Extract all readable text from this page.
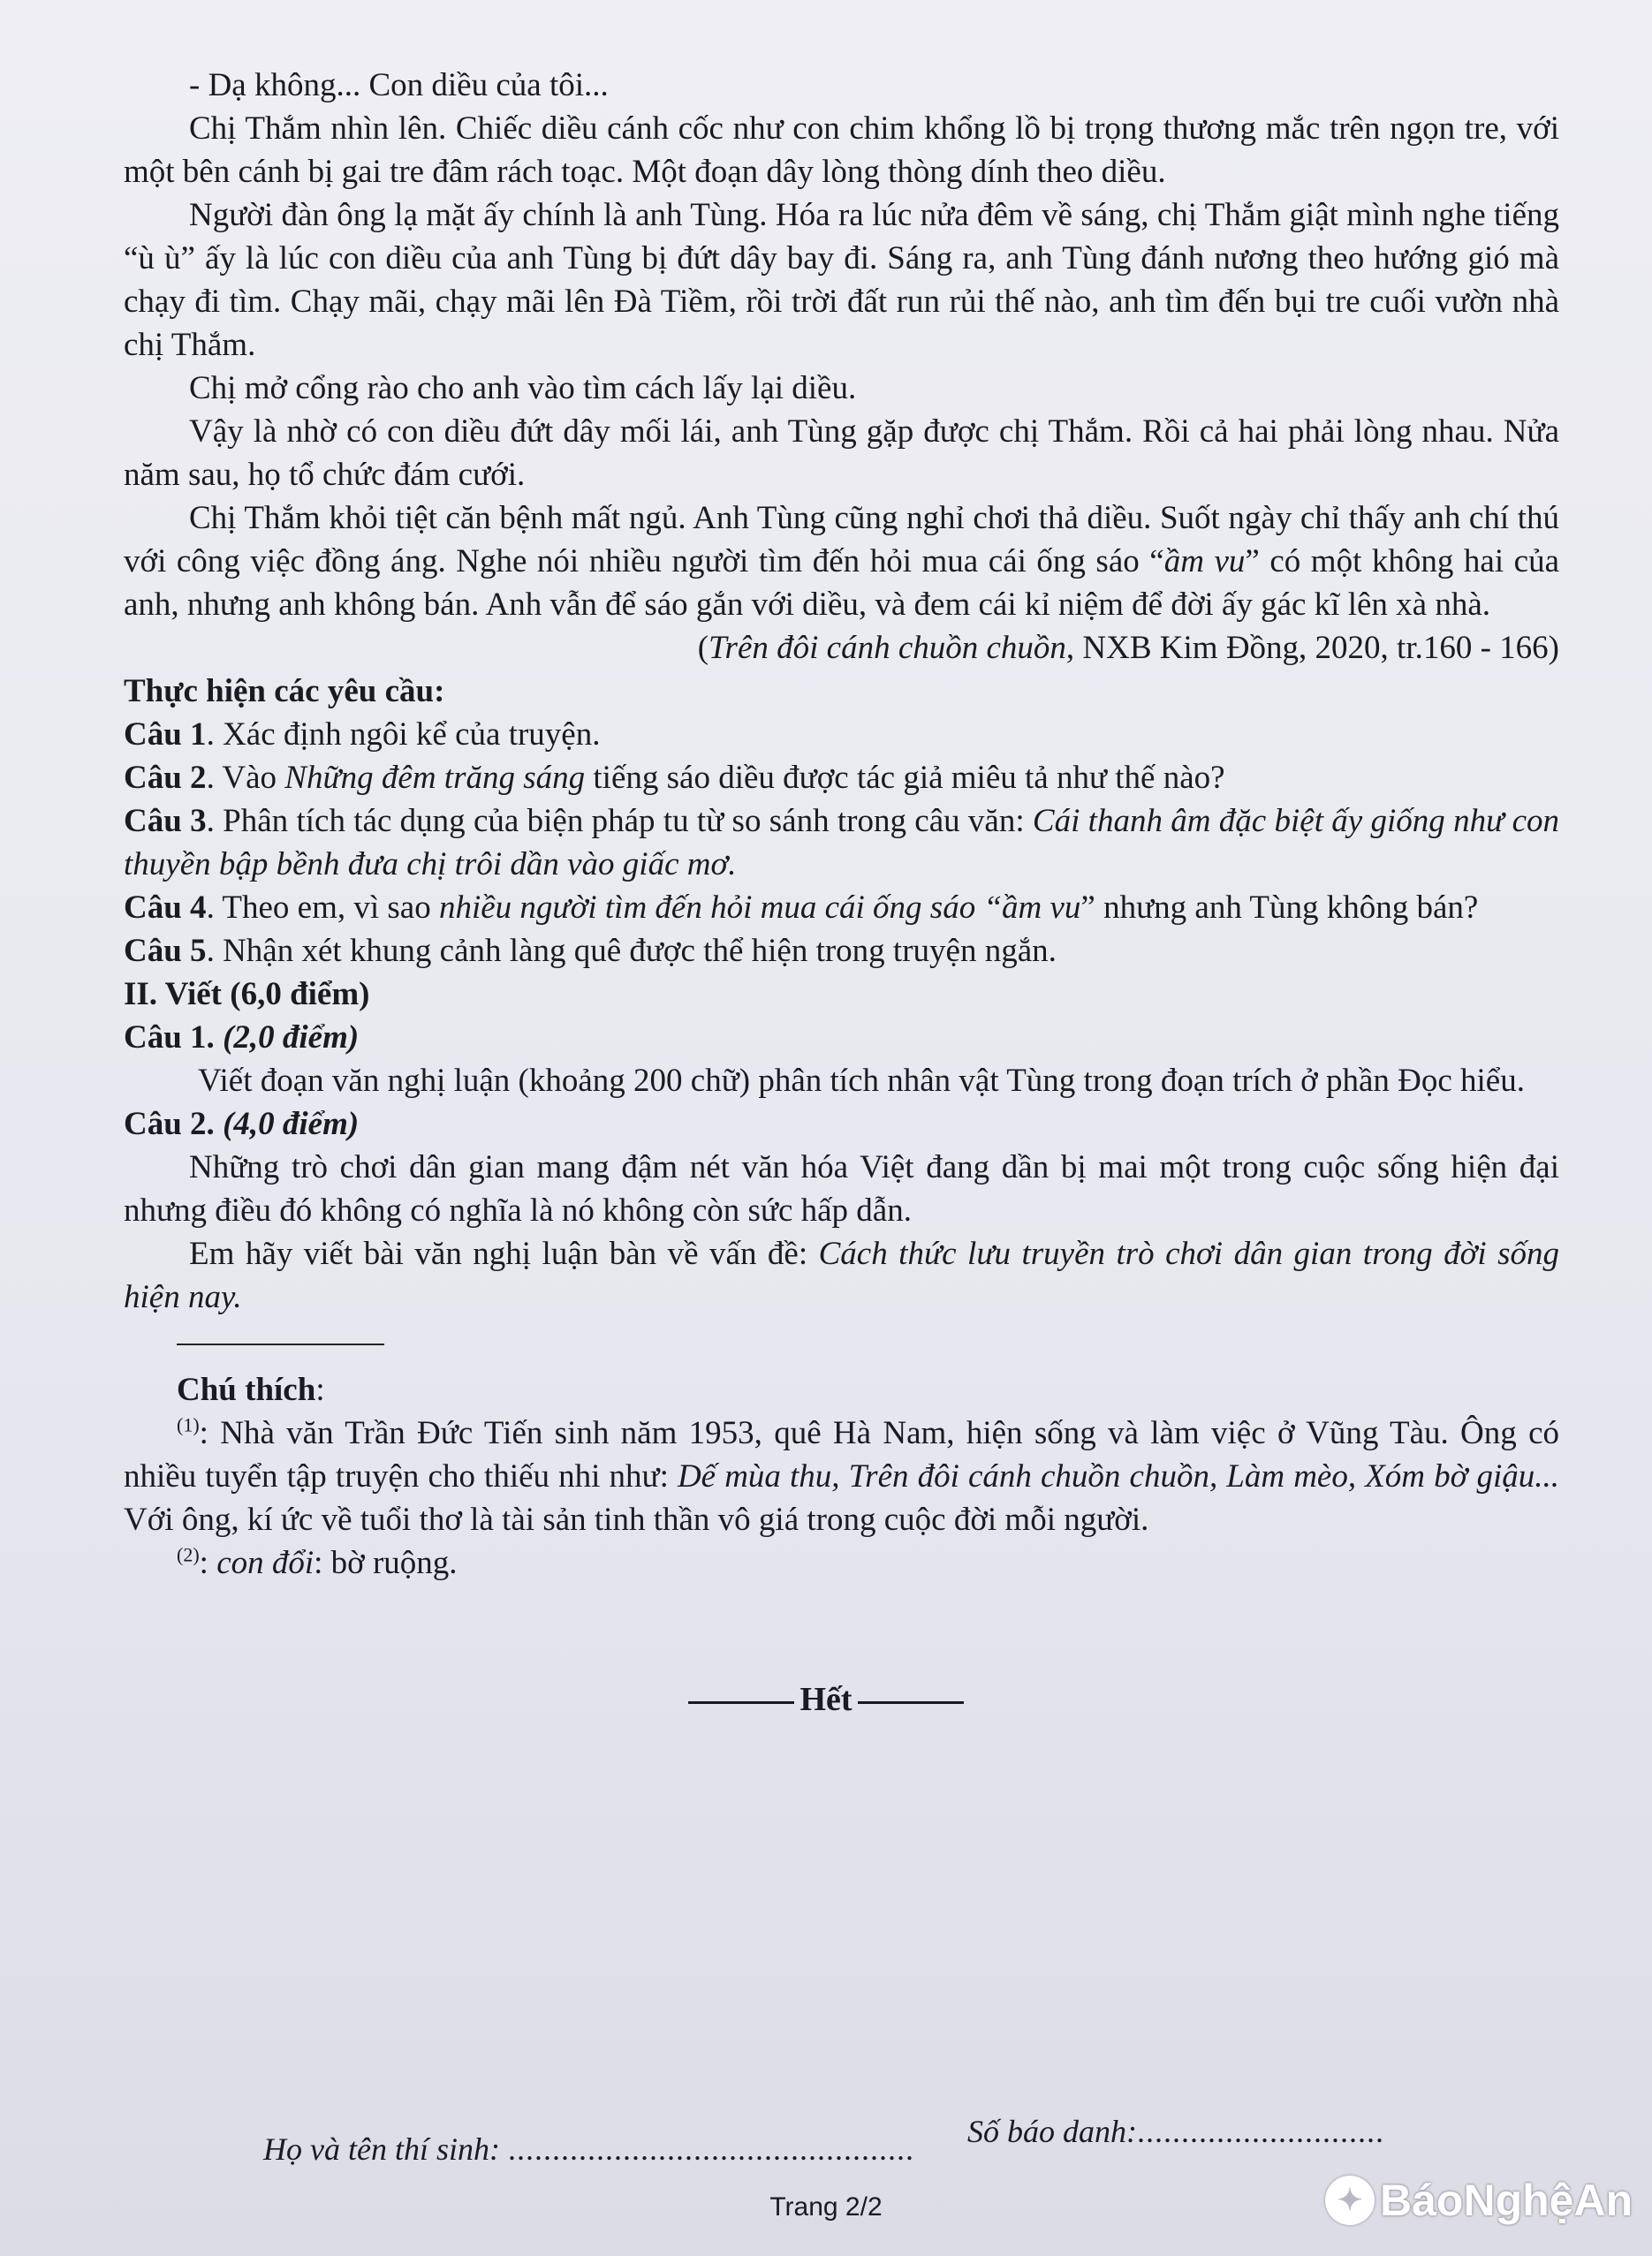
- Dạ không... Con diều của tôi...

Chị Thắm nhìn lên. Chiếc diều cánh cốc như con chim khổng lồ bị trọng thương mắc trên ngọn tre, với một bên cánh bị gai tre đâm rách toạc. Một đoạn dây lòng thòng dính theo diều.

Người đàn ông lạ mặt ấy chính là anh Tùng. Hóa ra lúc nửa đêm về sáng, chị Thắm giật mình nghe tiếng “ù ù” ấy là lúc con diều của anh Tùng bị đứt dây bay đi. Sáng ra, anh Tùng đánh nương theo hướng gió mà chạy đi tìm. Chạy mãi, chạy mãi lên Đà Tiềm, rồi trời đất run rủi thế nào, anh tìm đến bụi tre cuối vườn nhà chị Thắm.

Chị mở cổng rào cho anh vào tìm cách lấy lại diều.

Vậy là nhờ có con diều đứt dây mối lái, anh Tùng gặp được chị Thắm. Rồi cả hai phải lòng nhau. Nửa năm sau, họ tổ chức đám cưới.

Chị Thắm khỏi tiệt căn bệnh mất ngủ. Anh Tùng cũng nghỉ chơi thả diều. Suốt ngày chỉ thấy anh chí thú với công việc đồng áng. Nghe nói nhiều người tìm đến hỏi mua cái ống sáo “ầm vu” có một không hai của anh, nhưng anh không bán. Anh vẫn để sáo gắn với diều, và đem cái kỉ niệm để đời ấy gác kĩ lên xà nhà.

(Trên đôi cánh chuồn chuồn, NXB Kim Đồng, 2020, tr.160 - 166)

Thực hiện các yêu cầu:

Câu 1. Xác định ngôi kể của truyện.

Câu 2. Vào Những đêm trăng sáng tiếng sáo diều được tác giả miêu tả như thế nào?

Câu 3. Phân tích tác dụng của biện pháp tu từ so sánh trong câu văn: Cái thanh âm đặc biệt ấy giống như con thuyền bập bềnh đưa chị trôi dần vào giấc mơ.

Câu 4. Theo em, vì sao nhiều người tìm đến hỏi mua cái ống sáo “ầm vu” nhưng anh Tùng không bán?

Câu 5. Nhận xét khung cảnh làng quê được thể hiện trong truyện ngắn.

II. Viết (6,0 điểm)

Câu 1. (2,0 điểm)

Viết đoạn văn nghị luận (khoảng 200 chữ) phân tích nhân vật Tùng trong đoạn trích ở phần Đọc hiểu.

Câu 2. (4,0 điểm)

Những trò chơi dân gian mang đậm nét văn hóa Việt đang dần bị mai một trong cuộc sống hiện đại nhưng điều đó không có nghĩa là nó không còn sức hấp dẫn.

Em hãy viết bài văn nghị luận bàn về vấn đề: Cách thức lưu truyền trò chơi dân gian trong đời sống hiện nay.

Chú thích:

$^{(1)}$: Nhà văn Trần Đức Tiến sinh năm 1953, quê Hà Nam, hiện sống và làm việc ở Vũng Tàu. Ông có nhiều tuyển tập truyện cho thiếu nhi như: Dế mùa thu, Trên đôi cánh chuồn chuồn, Làm mèo, Xóm bờ giậu... Với ông, kí ức về tuổi thơ là tài sản tinh thần vô giá trong cuộc đời mỗi người.

$^{(2)}$: con đổi: bờ ruộng.

Hết
Số báo danh:............................
Họ và tên thí sinh: ..............................................
Trang 2/2	✦ BáoNghệAn
